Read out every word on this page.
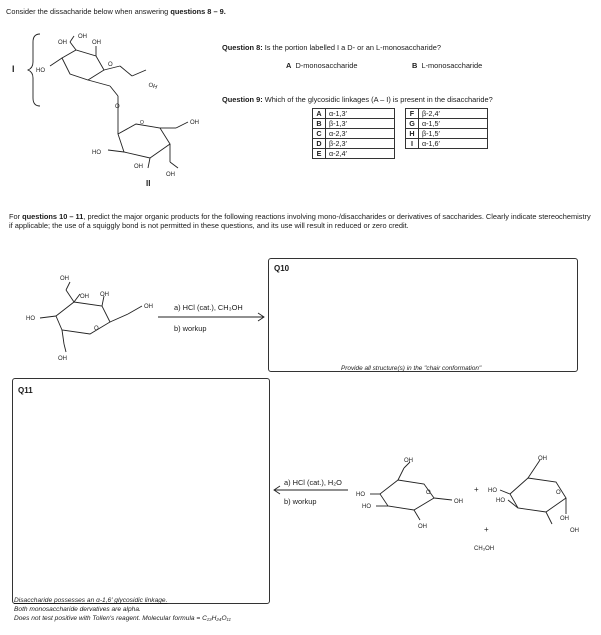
Consider the dissacharide below when answering questions 8 – 9.
I
OH
OH
OH
O
HO
OH
O
O	OH
HO
OH
OH
II
Question 8: Is the portion labelled I a D- or an L-monosaccharide?
A D-monosaccharide	B L-monosaccharide
Question 9: Which of the glycosidic linkages (A – I) is present in the disaccharide?
A	α-1,3′		F	β-2,4′
B	β-1,3′		G	α-1,5′
C	α-2,3′		H	β-1,5′
D	β-2,3′		I	α-1,6′
E	α-2,4′			
For questions 10 – 11, predict the major organic products for the following reactions involving mono-/disaccharides or derivatives of saccharides. Clearly indicate stereochemistry if applicable; the use of a squiggly bond is not permitted in these questions, and its use will result in reduced or zero credit.
OH
OH OH
OH
HO
O
OH
a) HCl (cat.), CH₃OH
b) workup
Q10
Provide all structure(s) in the "chair conformation"
Q11
Disaccharide possesses an α-1,6′ glycosidic linkage.
Both monosaccharide dervatives are alpha.
Does not test positive with Tollen's reagent. Molecular formula = C₁₃H₂₄O₁₁
OH
HO
HO
O
OH
OH
+
+
CH₃OH
OH
HO
HO
O
OH
OH
a) HCl (cat.), H₂O
b) workup
